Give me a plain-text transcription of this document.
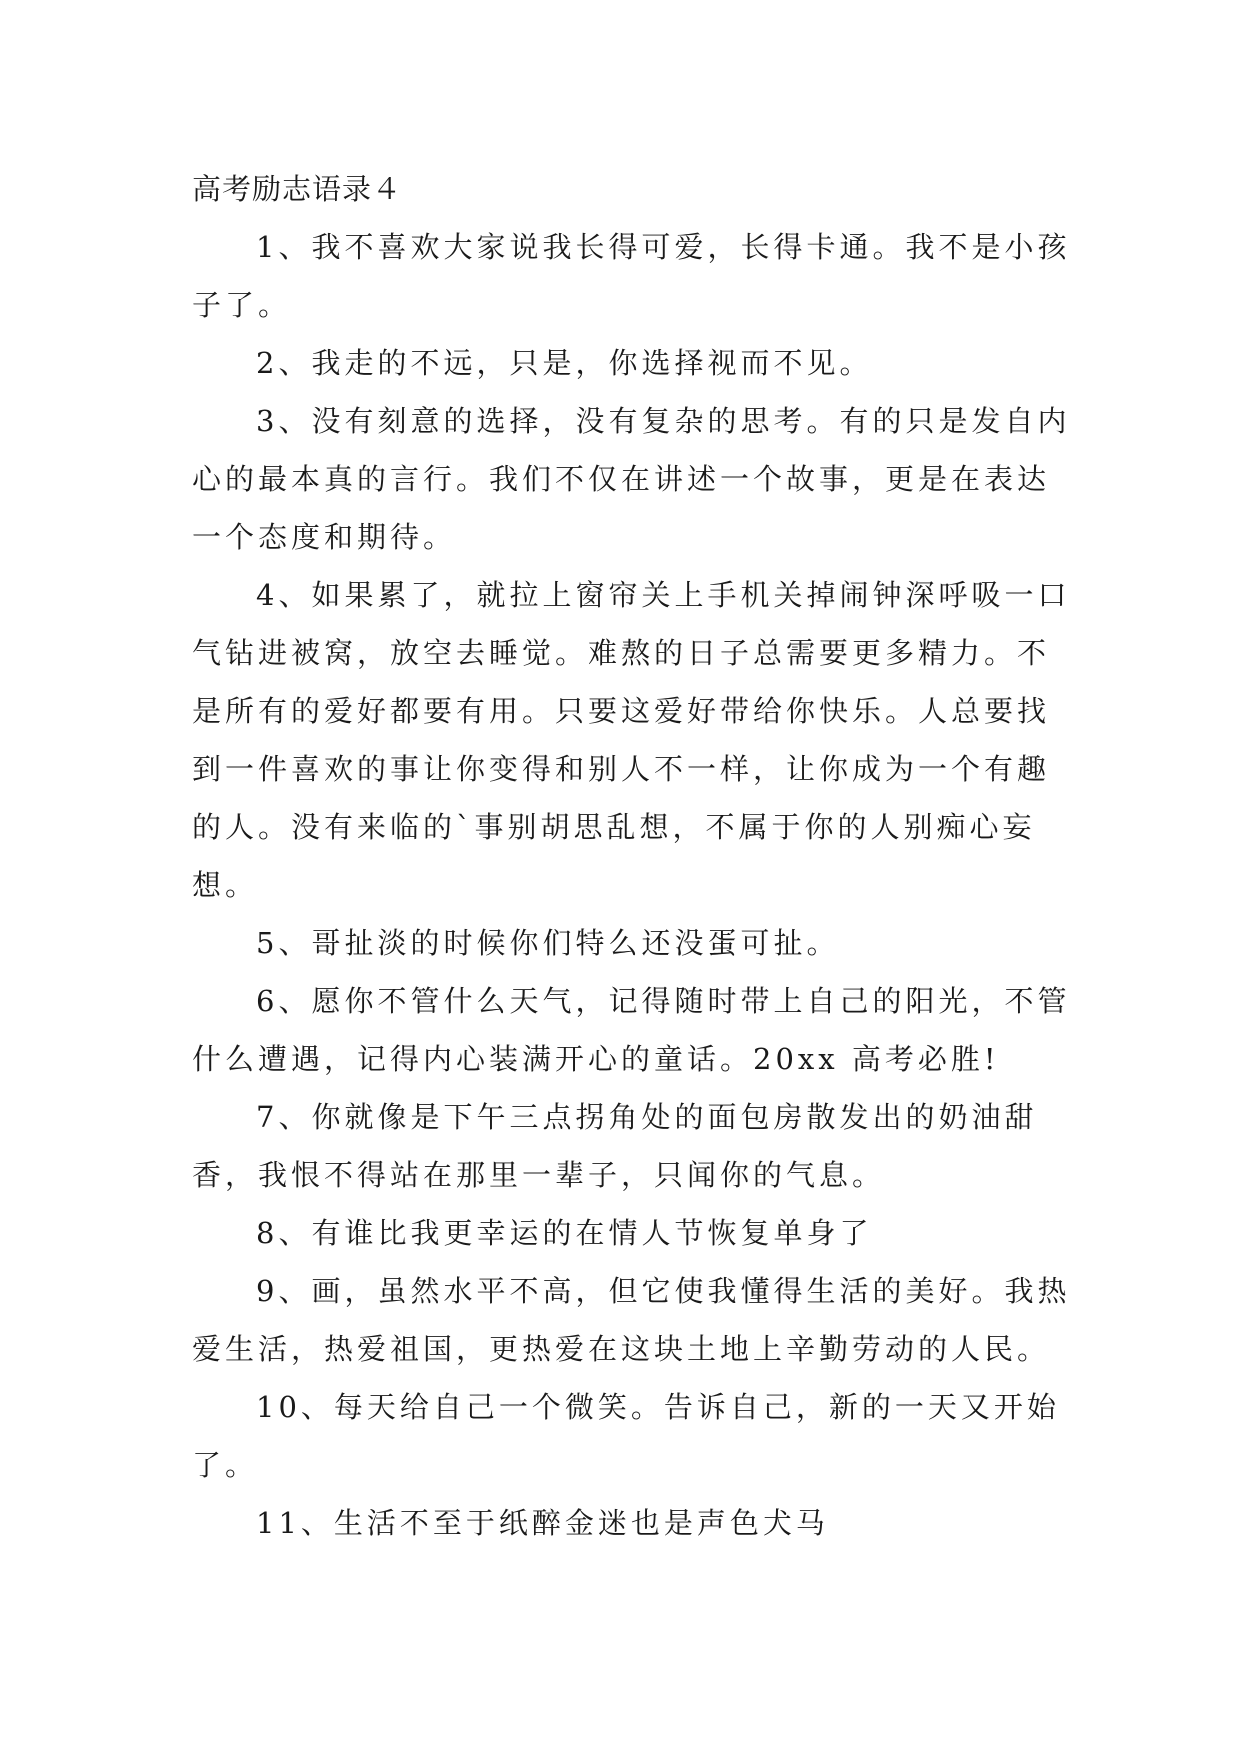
高考励志语录４

1、我不喜欢大家说我长得可爱，长得卡通。我不是小孩子了。

2、我走的不远，只是，你选择视而不见。

3、没有刻意的选择，没有复杂的思考。有的只是发自内心的最本真的言行。我们不仅在讲述一个故事，更是在表达一个态度和期待。

4、如果累了，就拉上窗帘关上手机关掉闹钟深呼吸一口气钻进被窝，放空去睡觉。难熬的日子总需要更多精力。不是所有的爱好都要有用。只要这爱好带给你快乐。人总要找到一件喜欢的事让你变得和别人不一样，让你成为一个有趣的人。没有来临的`事别胡思乱想，不属于你的人别痴心妄想。

5、哥扯淡的时候你们特么还没蛋可扯。

6、愿你不管什么天气，记得随时带上自己的阳光，不管什么遭遇，记得内心装满开心的童话。20xx 高考必胜!

7、你就像是下午三点拐角处的面包房散发出的奶油甜香，我恨不得站在那里一辈子，只闻你的气息。

8、有谁比我更幸运的在情人节恢复单身了

9、画，虽然水平不高，但它使我懂得生活的美好。我热爱生活，热爱祖国，更热爱在这块土地上辛勤劳动的人民。

10、每天给自己一个微笑。告诉自己，新的一天又开始了。

11、生活不至于纸醉金迷也是声色犬马
